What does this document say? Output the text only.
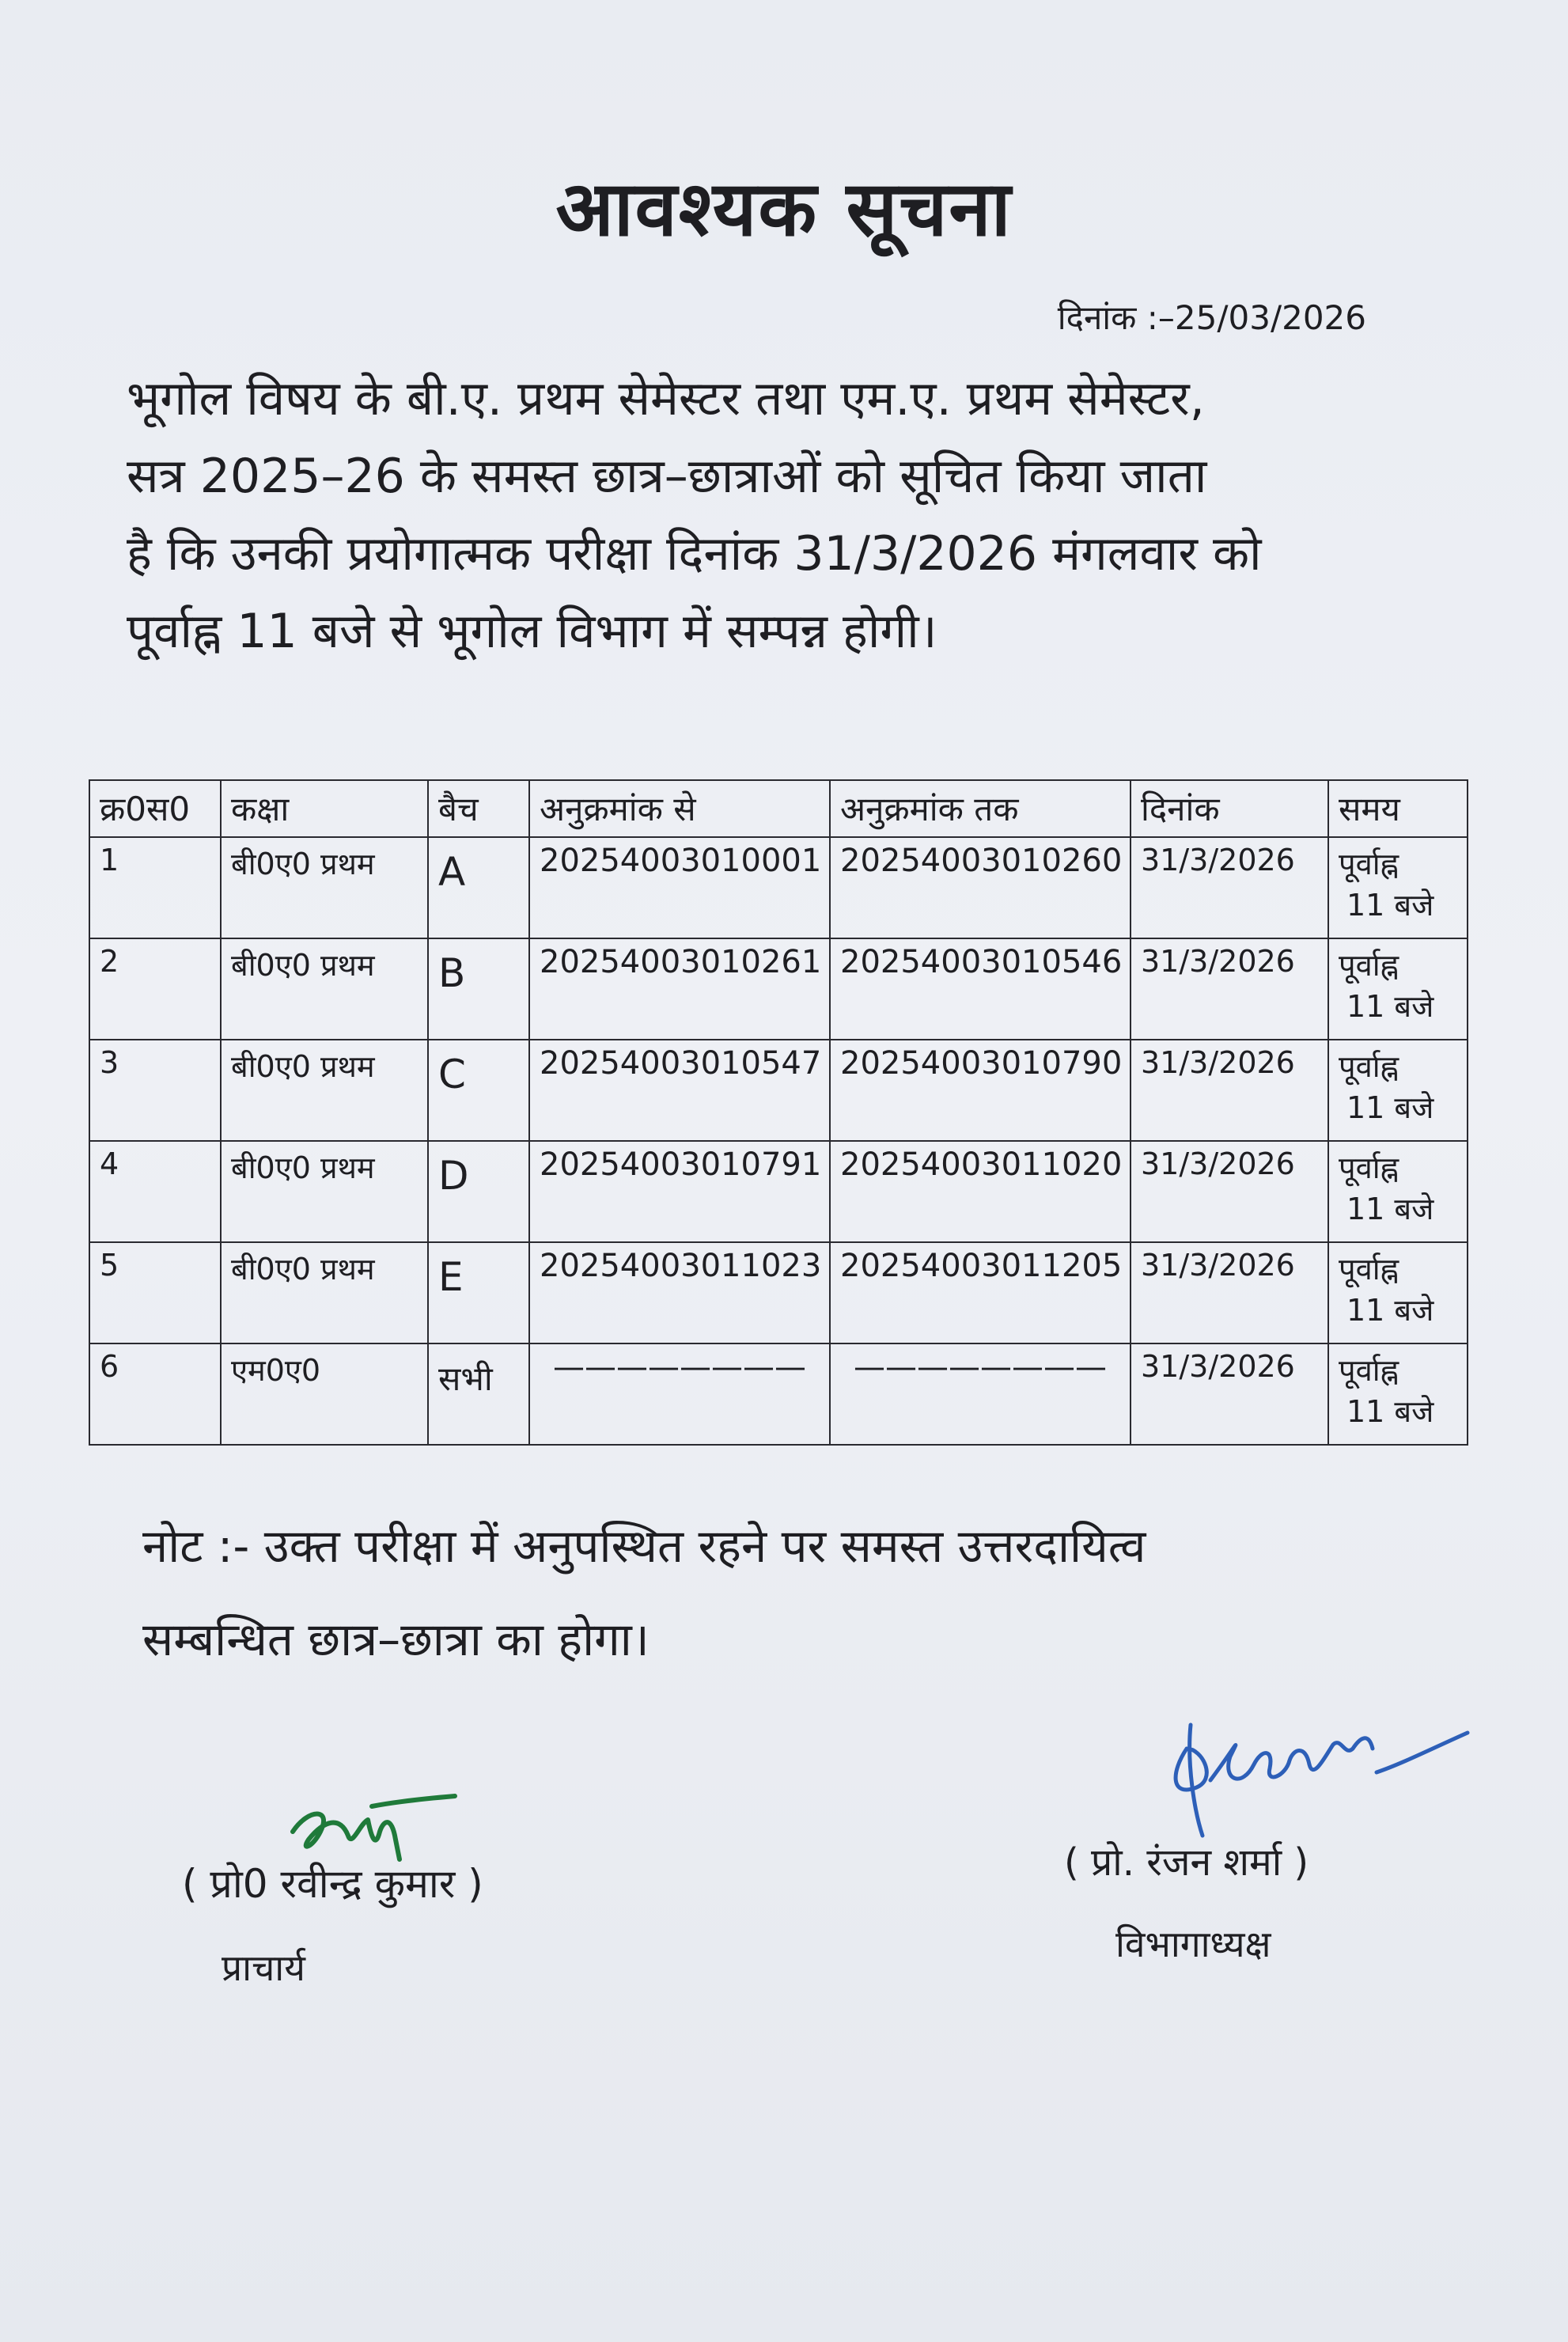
आवश्यक सूचना
दिनांक :–25/03/2026
भूगोल विषय के बी.ए. प्रथम सेमेस्टर तथा एम.ए. प्रथम सेमेस्टर,
सत्र 2025–26 के समस्त छात्र–छात्राओं को सूचित किया जाता
है कि उनकी प्रयोगात्मक परीक्षा दिनांक 31/3/2026 मंगलवार को
पूर्वाह्न 11 बजे से भूगोल विभाग में सम्पन्न होगी।
क्र0स0	कक्षा	बैच	अनुक्रमांक से	अनुक्रमांक तक	दिनांक	समय
1	बी0ए0 प्रथम	A	20254003010001	20254003010260	31/3/2026	पूर्वाह्न
11 बजे

2	बी0ए0 प्रथम	B	20254003010261	20254003010546	31/3/2026	पूर्वाह्न
11 बजे

3	बी0ए0 प्रथम	C	20254003010547	20254003010790	31/3/2026	पूर्वाह्न
11 बजे

4	बी0ए0 प्रथम	D	20254003010791	20254003011020	31/3/2026	पूर्वाह्न
11 बजे

5	बी0ए0 प्रथम	E	20254003011023	20254003011205	31/3/2026	पूर्वाह्न
11 बजे

6	एम0ए0	सभी	————————	————————	31/3/2026	पूर्वाह्न
11 बजे
नोट :- उक्त परीक्षा में अनुपस्थित रहने पर समस्त उत्तरदायित्व
सम्बन्धित छात्र–छात्रा का होगा।
( प्रो0 रवीन्द्र कुमार )
प्राचार्य
( प्रो. रंजन शर्मा )
विभागाध्यक्ष
